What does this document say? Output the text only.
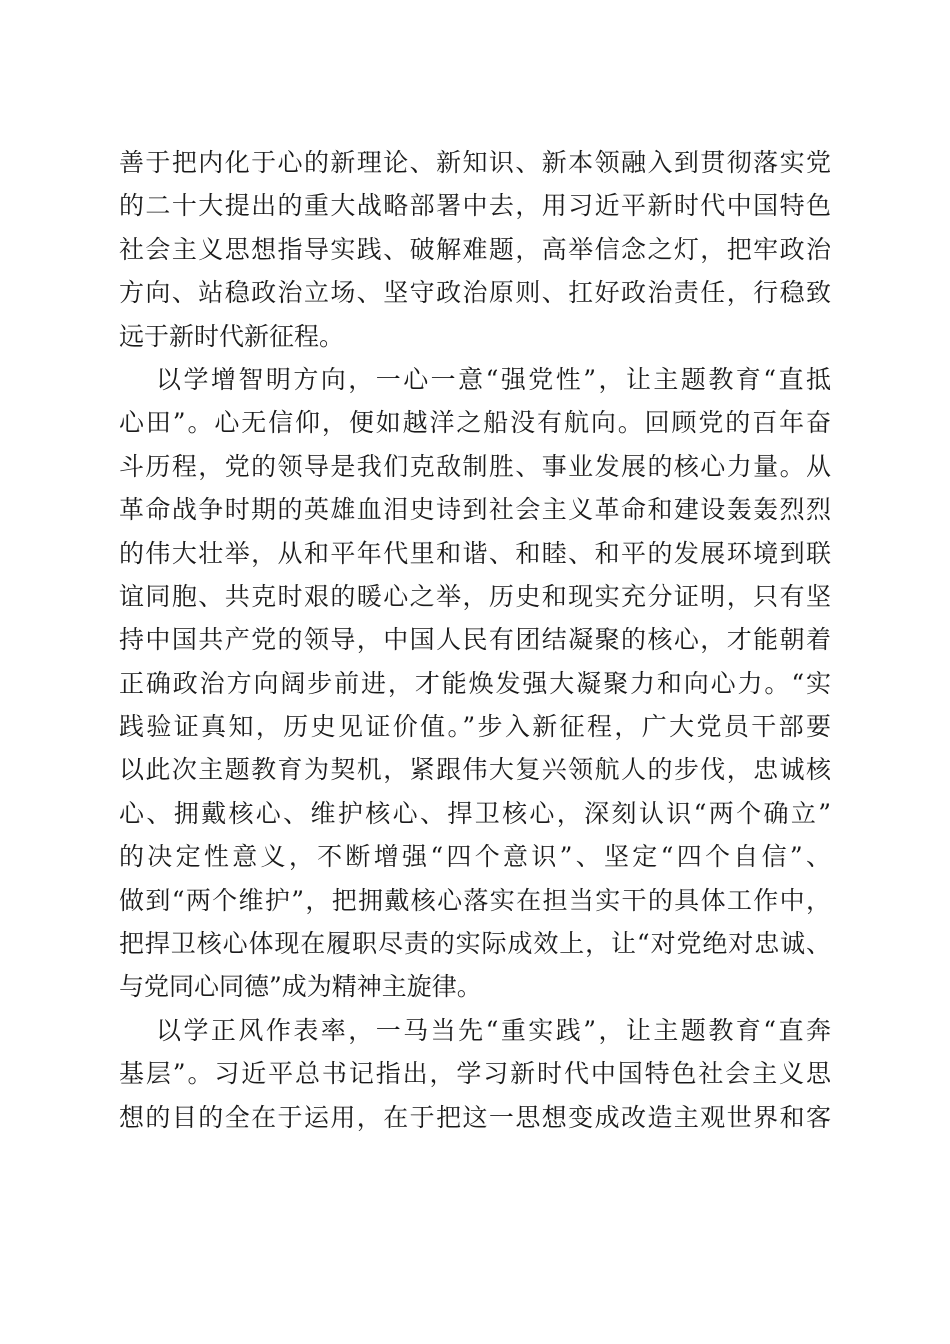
善于把内化于心的新理论、新知识、新本领融入到贯彻落实党
的二十大提出的重大战略部署中去，用习近平新时代中国特色
社会主义思想指导实践、破解难题，高举信念之灯，把牢政治
方向、站稳政治立场、坚守政治原则、扛好政治责任，行稳致
远于新时代新征程。
以学增智明方向，一心一意“强党性”，让主题教育“直抵
心田”。心无信仰，便如越洋之船没有航向。回顾党的百年奋
斗历程，党的领导是我们克敌制胜、事业发展的核心力量。从
革命战争时期的英雄血泪史诗到社会主义革命和建设轰轰烈烈
的伟大壮举，从和平年代里和谐、和睦、和平的发展环境到联
谊同胞、共克时艰的暖心之举，历史和现实充分证明，只有坚
持中国共产党的领导，中国人民有团结凝聚的核心，才能朝着
正确政治方向阔步前进，才能焕发强大凝聚力和向心力。“实
践验证真知，历史见证价值。”步入新征程，广大党员干部要
以此次主题教育为契机，紧跟伟大复兴领航人的步伐，忠诚核
心、拥戴核心、维护核心、捍卫核心，深刻认识“两个确立”
的决定性意义，不断增强“四个意识”、坚定“四个自信”、
做到“两个维护”，把拥戴核心落实在担当实干的具体工作中，
把捍卫核心体现在履职尽责的实际成效上，让“对党绝对忠诚、
与党同心同德”成为精神主旋律。
以学正风作表率，一马当先“重实践”，让主题教育“直奔
基层”。习近平总书记指出，学习新时代中国特色社会主义思
想的目的全在于运用，在于把这一思想变成改造主观世界和客
